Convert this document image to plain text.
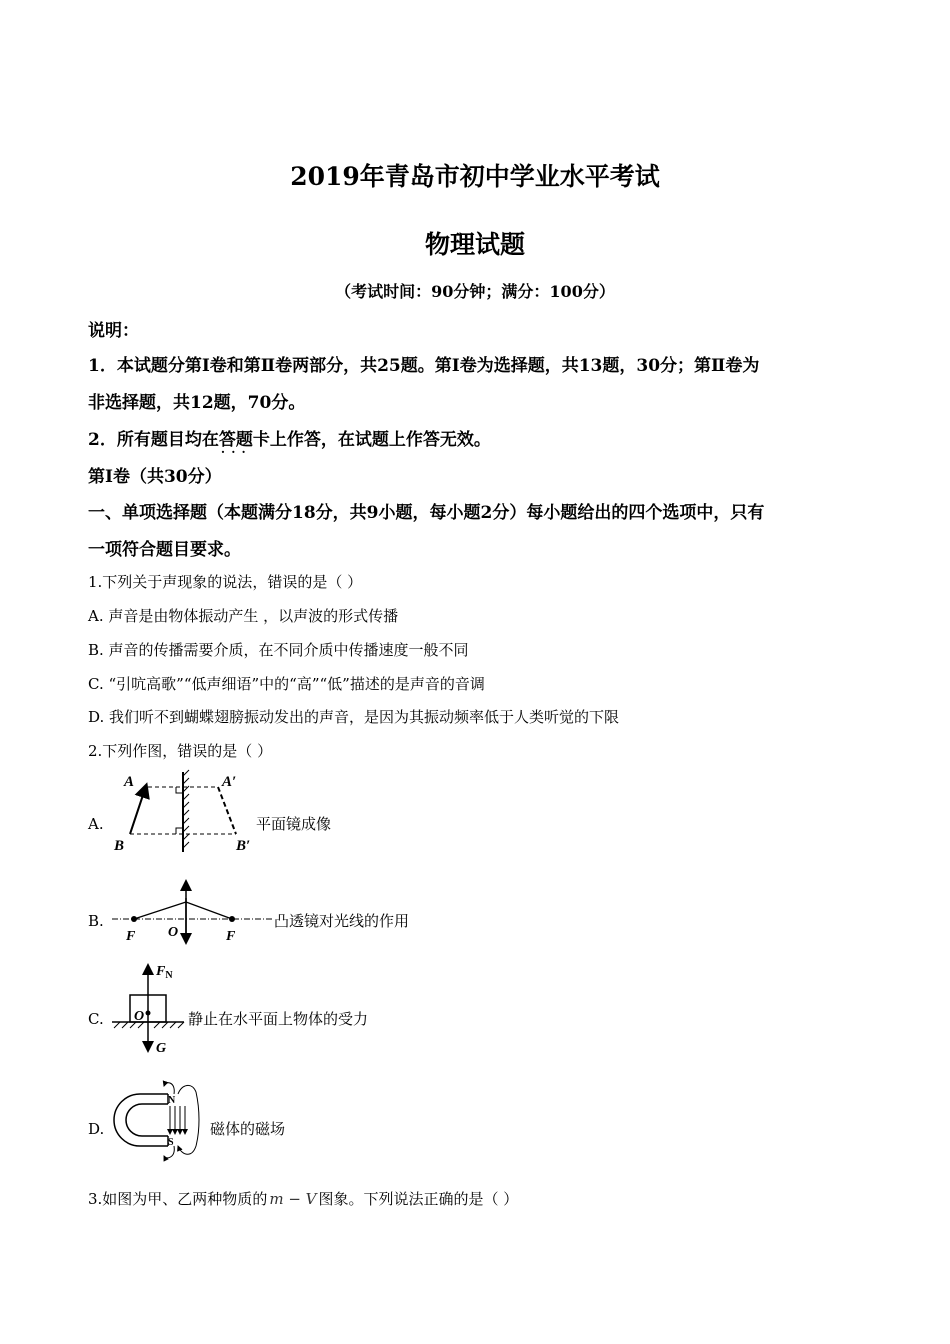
2019年青岛市初中学业水平考试
物理试题
（考试时间：90分钟；满分：100分）
说明：
1．本试题分第Ⅰ卷和第Ⅱ卷两部分，共25题。第Ⅰ卷为选择题，共13题，30分；第Ⅱ卷为
非选择题，共12题，70分。
2．所有题目均在答题卡 · · ·上作答，在试题上作答无效。
第Ⅰ卷（共30分）
一、单项选择题（本题满分18分，共9小题，每小题2分）每小题给出的四个选项中，只有
一项符合题目要求。
1.下列关于声现象的说法，错误的是（ ）
A. 声音是由物体振动产生 ，以声波的形式传播
B. 声音的传播需要介质，在不同介质中传播速度一般不同
C. “引吭高歌”“低声细语”中的“高”“低”描述的是声音的音调
D. 我们听不到蝴蝶翅膀振动发出的声音，是因为其振动频率低于人类听觉的下限
2.下列作图，错误的是（ ）
A.
A	A′
B	B′
平面镜成像
B.
F O	F
凸透镜对光线的作用
C.
$F_N$
O
G
静止在水平面上物体的受力
D.
N
S
磁体的磁场
3.如图为甲、乙两种物质的 m − V 图象。下列说法正确的是（ ）
